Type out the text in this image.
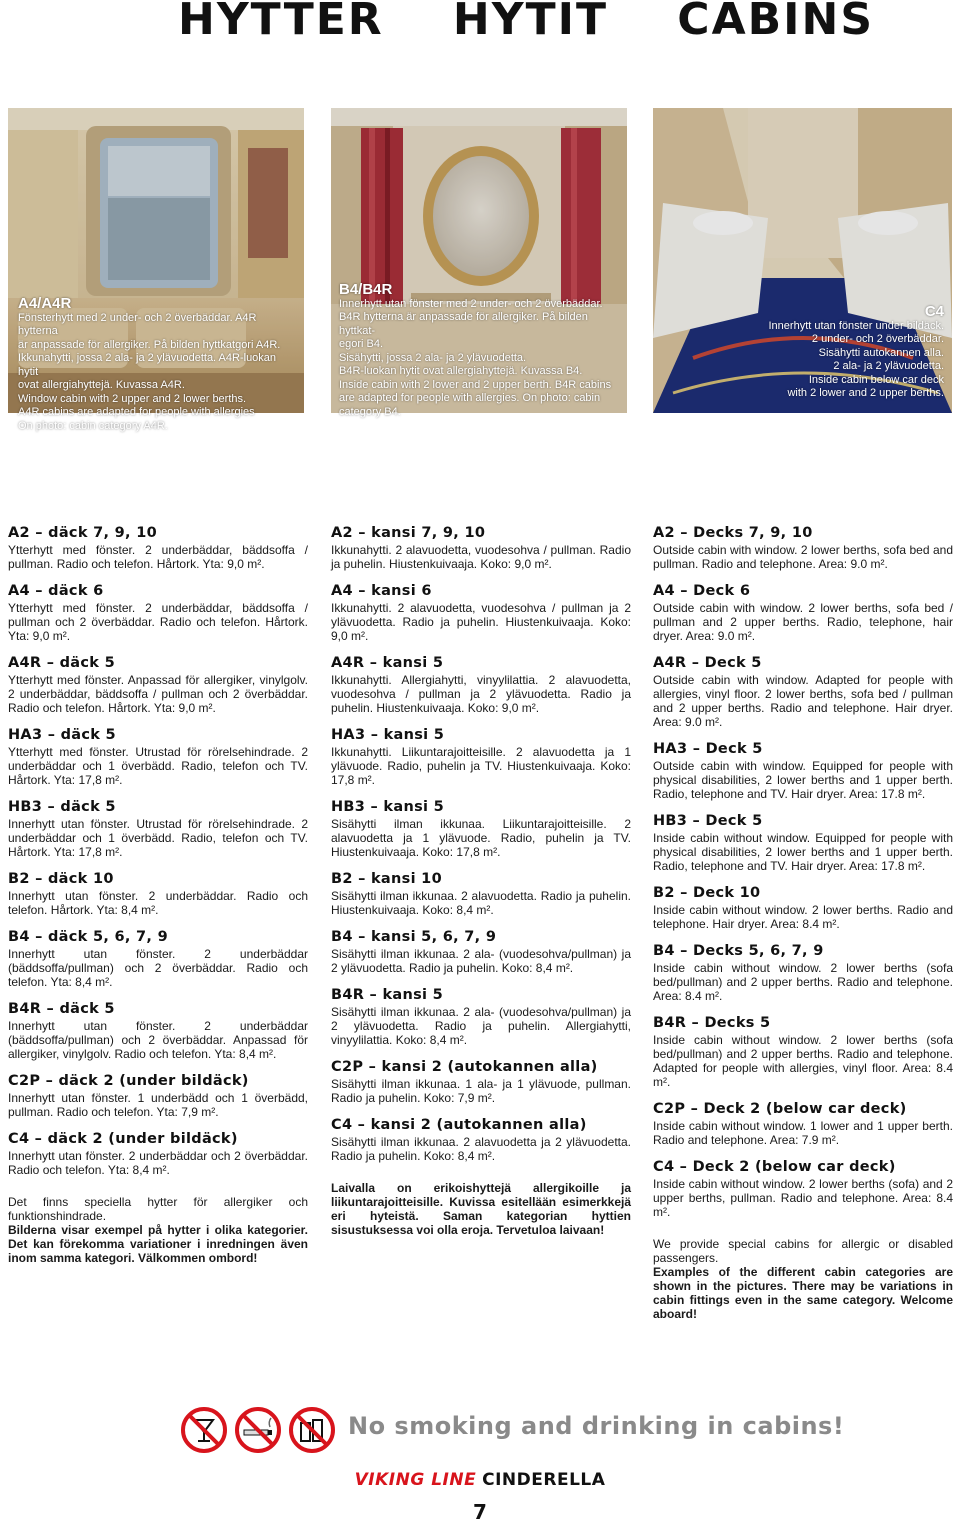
HYTTER    HYTIT    CABINS
A4/A4R

Fönsterhytt med 2 under- och 2 överbäddar. A4R hytterna

är anpassade för allergiker. På bilden hyttkatgori A4R.

Ikkunahytti, jossa 2 ala- ja 2 ylävuodetta. A4R-luokan hytit

ovat allergiahyttejä. Kuvassa A4R.

Window cabin with 2 upper and 2 lower berths.

A4R cabins are adapted for people with allergies

On photo: cabin category A4R.

B4/B4R

Innerhytt utan fönster med 2 under- och 2 överbäddar.

B4R hytterna är anpassade för allergiker. På bilden hyttkat-

egori B4.

Sisähytti, jossa 2 ala- ja 2 ylävuodetta.

B4R-luokan hytit ovat allergiahyttejä. Kuvassa B4.

Inside cabin with 2 lower and 2 upper berth. B4R cabins

are adapted for people with allergies. On photo: cabin

category B4.

C4

Innerhytt utan fönster under bildäck.

2 under- och 2 överbäddar.

Sisähytti autokannen alla.

2 ala- ja 2 ylävuodetta.

Inside cabin below car deck

with 2 lower and 2 upper berths.

A2 – däck 7, 9, 10

Ytterhytt med fönster. 2 underbäddar, bäddsoffa / pullman. Radio och telefon. Hårtork. Yta: 9,0 m².

A4 – däck 6

Ytterhytt med fönster. 2 underbäddar, bäddsoffa / pullman och 2 överbäddar. Radio och telefon. Hårtork. Yta: 9,0 m².

A4R – däck 5

Ytterhytt med fönster. Anpassad för allergiker, vinylgolv. 2 underbäddar, bäddsoffa / pullman och 2 överbäddar. Radio och telefon. Hårtork. Yta: 9,0 m².

HA3 – däck 5

Ytterhytt med fönster. Utrustad för rörelsehindrade. 2 underbäddar och 1 överbädd. Radio, telefon och TV. Hårtork. Yta: 17,8 m².

HB3 – däck 5

Innerhytt utan fönster. Utrustad för rörelsehindrade. 2 underbäddar och 1 överbädd. Radio, telefon och TV. Hårtork. Yta: 17,8 m².

B2 – däck 10

Innerhytt utan fönster. 2 underbäddar. Radio och telefon. Hårtork. Yta: 8,4 m².

B4 – däck 5, 6, 7, 9

Innerhytt utan fönster. 2 underbäddar (bäddsoffa/pullman) och 2 överbäddar. Radio och telefon. Yta: 8,4 m².

B4R – däck 5

Innerhytt utan fönster. 2 underbäddar (bäddsoffa/pullman) och 2 överbäddar. Anpassad för allergiker, vinylgolv. Radio och telefon. Yta: 8,4 m².

C2P – däck 2 (under bildäck)

Innerhytt utan fönster. 1 underbädd och 1 överbädd, pullman. Radio och telefon. Yta: 7,9 m².

C4 – däck 2 (under bildäck)

Innerhytt utan fönster. 2 underbäddar och 2 överbäddar. Radio och telefon. Yta: 8,4 m².

Det finns speciella hytter för allergiker och funktionshindrade.

Bilderna visar exempel på hytter i olika kategorier. Det kan förekomma variationer i inredningen även inom samma kategori. Välkommen ombord!

A2 – kansi 7, 9, 10

Ikkunahytti. 2 alavuodetta, vuodesohva / pullman. Radio ja puhelin. Hiustenkuivaaja. Koko: 9,0 m².

A4 – kansi 6

Ikkunahytti. 2 alavuodetta, vuodesohva / pullman ja 2 ylävuodetta. Radio ja puhelin. Hiustenkuivaaja. Koko: 9,0 m².

A4R – kansi 5

Ikkunahytti. Allergiahytti, vinyylilattia. 2 alavuodetta, vuodesohva / pullman ja 2 ylävuodetta. Radio ja puhelin. Hiustenkuivaaja. Koko: 9,0 m².

HA3 – kansi 5

Ikkunahytti. Liikuntarajoitteisille. 2 alavuodetta ja 1 ylävuode. Radio, puhelin ja TV. Hiustenkuivaaja. Koko: 17,8 m².

HB3 – kansi 5

Sisähytti ilman ikkunaa. Liikuntarajoitteisille. 2 alavuodetta ja 1 ylävuode. Radio, puhelin ja TV. Hiustenkuivaaja. Koko: 17,8 m².

B2 – kansi 10

Sisähytti ilman ikkunaa. 2 alavuodetta. Radio ja puhelin. Hiustenkuivaaja. Koko: 8,4 m².

B4 – kansi 5, 6, 7, 9

Sisähytti ilman ikkunaa. 2 ala- (vuodesohva/pullman) ja 2 ylävuodetta. Radio ja puhelin. Koko: 8,4 m².

B4R – kansi 5

Sisähytti ilman ikkunaa. 2 ala- (vuodesohva/pullman) ja 2 ylävuodetta. Radio ja puhelin. Allergiahytti, vinyylilattia. Koko: 8,4 m².

C2P – kansi 2 (autokannen alla)

Sisähytti ilman ikkunaa. 1 ala- ja 1 ylävuode, pullman. Radio ja puhelin. Koko: 7,9 m².

C4 – kansi 2 (autokannen alla)

Sisähytti ilman ikkunaa. 2 alavuodetta ja 2 ylävuodetta. Radio ja puhelin. Koko: 8,4 m².

Laivalla on erikoishyttejä allergikoille ja liikuntarajoitteisille. Kuvissa esitellään esimerkkejä eri hyteistä. Saman kategorian hyttien sisustuksessa voi olla eroja. Tervetuloa laivaan!

A2 – Decks 7, 9, 10

Outside cabin with window. 2 lower berths, sofa bed and pullman. Radio and telephone. Area: 9.0 m².

A4 – Deck 6

Outside cabin with window. 2 lower berths, sofa bed / pullman and 2 upper berths. Radio, telephone, hair dryer. Area: 9.0 m².

A4R – Deck 5

Outside cabin with window. Adapted for people with allergies, vinyl floor. 2 lower berths, sofa bed / pullman and 2 upper berths. Radio and telephone. Hair dryer. Area: 9.0 m².

HA3 – Deck 5

Outside cabin with window. Equipped for people with physical disabilities, 2 lower berths and 1 upper berth. Radio, telephone and TV. Hair dryer. Area: 17.8 m².

HB3 – Deck 5

Inside cabin without window. Equipped for people with physical disabilities, 2 lower berths and 1 upper berth. Radio, telephone and TV. Hair dryer. Area: 17.8 m².

B2 – Deck 10

Inside cabin without window. 2 lower berths. Radio and telephone. Hair dryer. Area: 8.4 m².

B4 – Decks 5, 6, 7, 9

Inside cabin without window. 2 lower berths (sofa bed/pullman) and 2 upper berths. Radio and telephone. Area: 8.4 m².

B4R – Decks 5

Inside cabin without window. 2 lower berths (sofa bed/pullman) and 2 upper berths. Radio and telephone. Adapted for people with allergies, vinyl floor. Area: 8.4 m².

C2P – Deck 2 (below car deck)

Inside cabin without window. 1 lower and 1 upper berth. Radio and telephone. Area: 7.9 m².

C4 – Deck 2 (below car deck)

Inside cabin without window. 2 lower berths (sofa) and 2 upper berths, pullman. Radio and telephone. Area: 8.4 m².

We provide special cabins for allergic or disabled passengers.

Examples of the different cabin categories are shown in the pictures. There may be variations in cabin fittings even in the same category. Welcome aboard!

No smoking and drinking in cabins!
VIKING LINE CINDERELLA
7
